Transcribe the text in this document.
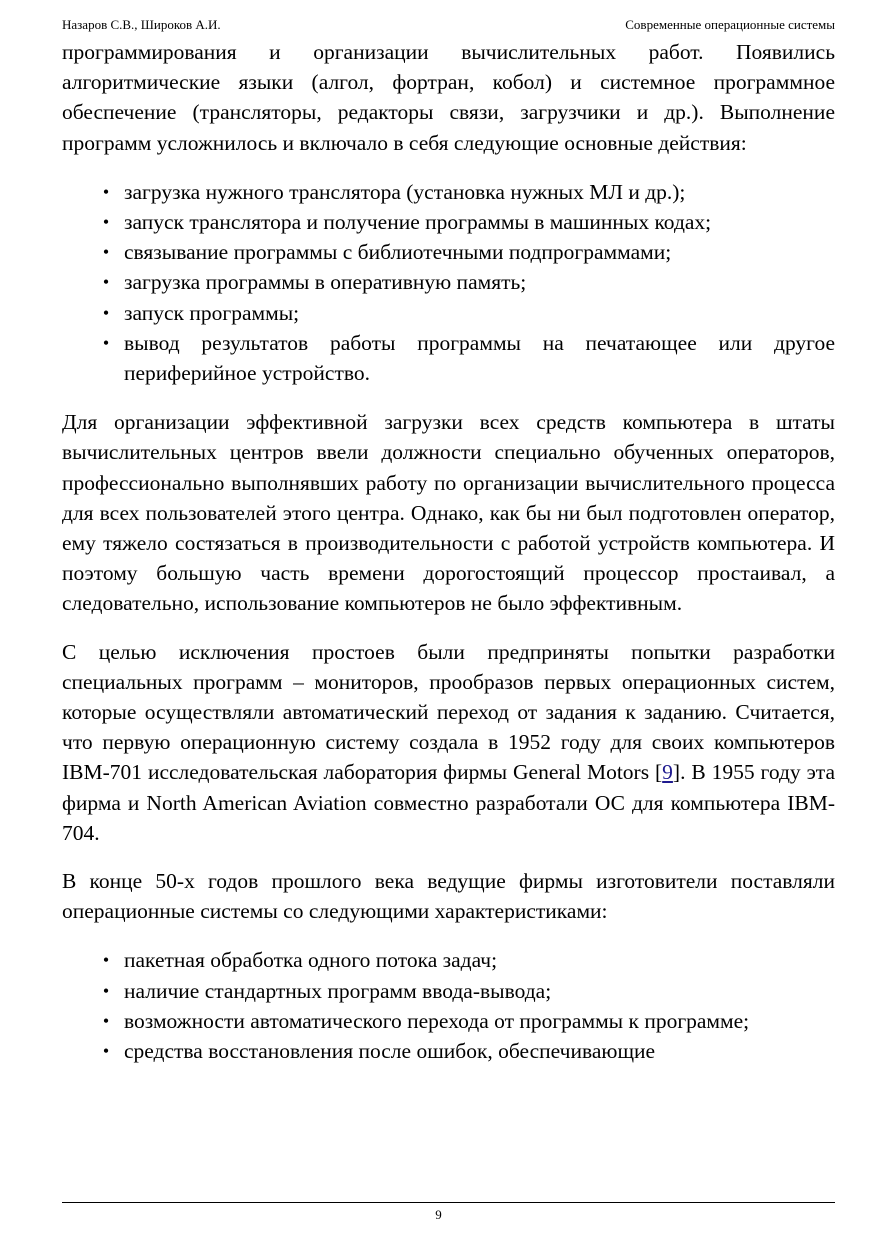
Назаров С.В., Широков А.И.	Современные операционные системы

программирования и организации вычислительных работ. Появились алгоритмические языки (алгол, фортран, кобол) и системное программное обеспечение (трансляторы, редакторы связи, загрузчики и др.). Выполнение программ усложнилось и включало в себя следующие основные действия:

• загрузка нужного транслятора (установка нужных МЛ и др.);
• запуск транслятора и получение программы в машинных кодах;
• связывание программы с библиотечными подпрограммами;
• загрузка программы в оперативную память;
• запуск программы;
• вывод результатов работы программы на печатающее или другое периферийное устройство.

Для организации эффективной загрузки всех средств компьютера в штаты вычислительных центров ввели должности специально обученных операторов, профессионально выполнявших работу по организации вычислительного процесса для всех пользователей этого центра. Однако, как бы ни был подготовлен оператор, ему тяжело состязаться в производительности с работой устройств компьютера. И поэтому большую часть времени дорогостоящий процессор простаивал, а следовательно, использование компьютеров не было эффективным.

С целью исключения простоев были предприняты попытки разработки специальных программ – мониторов, прообразов первых операционных систем, которые осуществляли автоматический переход от задания к заданию. Считается, что первую операционную систему создала в 1952 году для своих компьютеров IBM-701 исследовательская лаборатория фирмы General Motors [9]. В 1955 году эта фирма и North American Aviation совместно разработали ОС для компьютера IBM-704.

В конце 50-х годов прошлого века ведущие фирмы изготовители поставляли операционные системы со следующими характеристиками:

• пакетная обработка одного потока задач;
• наличие стандартных программ ввода-вывода;
• возможности автоматического перехода от программы к программе;
• средства восстановления после ошибок, обеспечивающие
9
